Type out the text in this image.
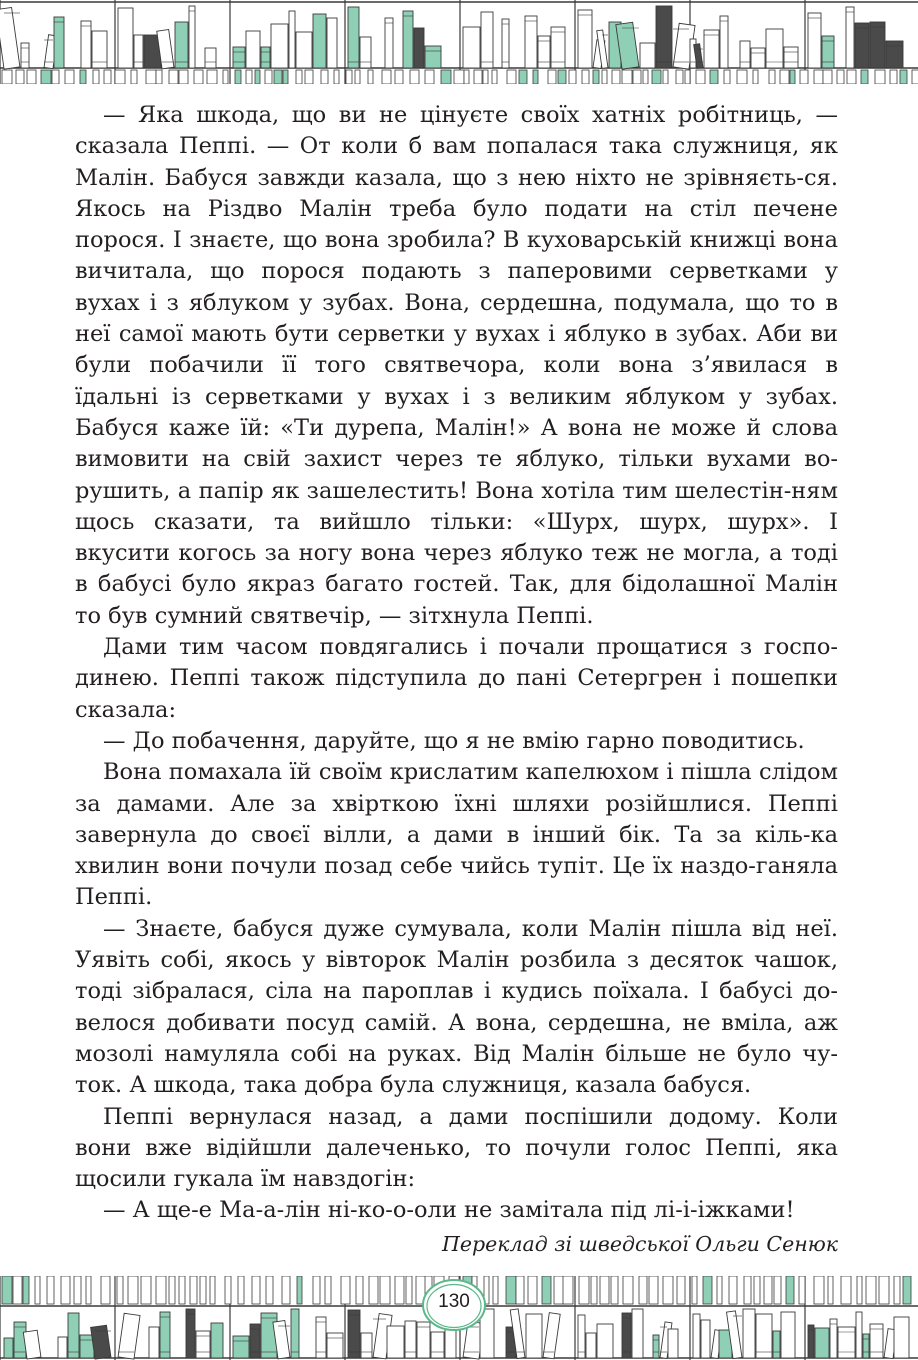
— Яка шкода, що ви не цінуєте своїх хатніх робітниць, — сказала Пеппі. — От коли б вам попалася така служниця, як Малін. Бабуся завжди казала, що з нею ніхто не зрівняєть-ся. Якось на Різдво Малін треба було подати на стіл печене порося. І знаєте, що вона зробила? В куховарській книжці вона вичитала, що порося подають з паперовими серветками у вухах і з яблуком у зубах. Вона, сердешна, подумала, що то в неї самої мають бути серветки у вухах і яблуко в зубах. Аби ви були побачили її того святвечора, коли вона з’явилася в їдальні із серветками у вухах і з великим яблуком у зубах. Бабуся каже їй: «Ти дурепа, Малін!» А вона не може й слова вимовити на свій захист через те яблуко, тільки вухами во-рушить, а папір як зашелестить! Вона хотіла тим шелестін-ням щось сказати, та вийшло тільки: «Шурх, шурх, шурх». І вкусити когось за ногу вона через яблуко теж не могла, а тоді в бабусі було якраз багато гостей. Так, для бідолашної Малін то був сумний святвечір, — зітхнула Пеппі.

Дами тим часом повдягались і почали прощатися з госпо-динею. Пеппі також підступила до пані Сетергрен і пошепки сказала:

— До побачення, даруйте, що я не вмію гарно поводитись.

Вона помахала їй своїм крислатим капелюхом і пішла слідом за дамами. Але за хвірткою їхні шляхи розійшлися. Пеппі завернула до своєї вілли, а дами в інший бік. Та за кіль-ка хвилин вони почули позад себе чийсь тупіт. Це їх наздо-ганяла Пеппі.

— Знаєте, бабуся дуже сумувала, коли Малін пішла від неї. Уявіть собі, якось у вівторок Малін розбила з десяток чашок, тоді зібралася, сіла на пароплав і кудись поїхала. І бабусі до-велося добивати посуд самій. А вона, сердешна, не вміла, аж мозолі намуляла собі на руках. Від Малін більше не було чу-ток. А шкода, така добра була служниця, казала бабуся.

Пеппі вернулася назад, а дами поспішили додому. Коли вони вже відійшли далеченько, то почули голос Пеппі, яка щосили гукала їм навздогін:

— А ще-е Ма-а-лін ні-ко-о-оли не замітала під лі-і-іжками!

Переклад зі шведської Ольги Сенюк

130
